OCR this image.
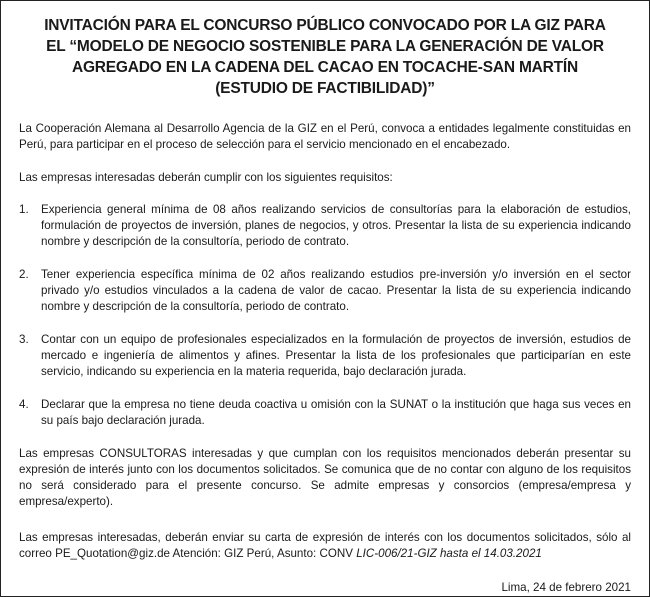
INVITACIÓN PARA EL CONCURSO PÚBLICO CONVOCADO POR LA GIZ PARA
EL “MODELO DE NEGOCIO SOSTENIBLE PARA LA GENERACIÓN DE VALOR
AGREGADO EN LA CADENA DEL CACAO EN TOCACHE-SAN MARTÍN
(ESTUDIO DE FACTIBILIDAD)”

La Cooperación Alemana al Desarrollo Agencia de la GIZ en el Perú, convoca a entidades legalmente constituidas en Perú, para participar en el proceso de selección para el servicio mencionado en el encabezado.

Las empresas interesadas deberán cumplir con los siguientes requisitos:

1. Experiencia general mínima de 08 años realizando servicios de consultorías para la elaboración de estudios, formulación de proyectos de inversión, planes de negocios, y otros. Presentar la lista de su experiencia indicando nombre y descripción de la consultoría, periodo de contrato.
2. Tener experiencia específica mínima de 02 años realizando estudios pre-inversión y/o inversión en el sector privado y/o estudios vinculados a la cadena de valor de cacao. Presentar la lista de su experiencia indicando nombre y descripción de la consultoría, periodo de contrato.
3. Contar con un equipo de profesionales especializados en la formulación de proyectos de inversión, estudios de mercado e ingeniería de alimentos y afines. Presentar la lista de los profesionales que participarían en este servicio, indicando su experiencia en la materia requerida, bajo declaración jurada.
4. Declarar que la empresa no tiene deuda coactiva u omisión con la SUNAT o la institución que haga sus veces en su país bajo declaración jurada.

Las empresas CONSULTORAS interesadas y que cumplan con los requisitos mencionados deberán presentar su expresión de interés junto con los documentos solicitados. Se comunica que de no contar con alguno de los requisitos no será considerado para el presente concurso. Se admite empresas y consorcios (empresa/empresa y empresa/experto).

Las empresas interesadas, deberán enviar su carta de expresión de interés con los documentos solicitados, sólo al correo PE_Quotation@giz.de Atención: GIZ Perú, Asunto: CONV LIC-006/21-GIZ hasta el 14.03.2021

Lima, 24 de febrero 2021
